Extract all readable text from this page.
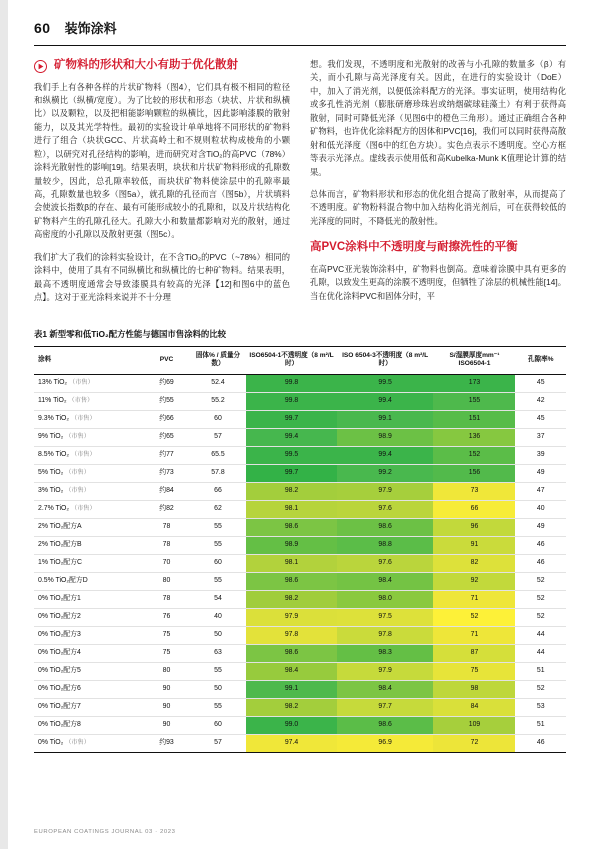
60 装饰涂料
矿物料的形状和大小有助于优化散射

我们手上有各种各样的片状矿物料（图4），它们具有极不相同的粒径和纵横比（纵横/宽度）。为了比较的形状和形态（块状、片状和纵横比）以及颗粒，以及把相能影响颗粒的纵横比，因此影响漆膜的散射能力，以及其光学特性。最初的实验设计单单地将不同形状的矿物料进行了组合（块状GCC、片状高岭土和不规则粒状构成棱角的小颗粒），以研究对孔径结构的影响，进而研究对含TiO₂的高PVC（78%）涂料光散射性的影响[19]。结果表明，块状和片状矿物料形成的孔隙数量较少，因此，总孔隙率较低，而块状矿物料使涂层中的孔隙率最高，孔隙数量也较多（图5a），就孔隙的孔径而言（图5b），片状填料会使波长指数β的存在、最有可能形成较小的孔隙和，以及片状结构化矿物料产生的孔隙孔径大。孔隙大小和数量都影响对光的散射，通过高密度的小孔隙以及散射更强（图5c）。

我们扩大了我们的涂料实验设计，在不含TiO₂的PVC（~78%）相同的涂料中，使用了具有不同纵横比和纵横比的七种矿物料。结果表明，最高不透明度通常会导致漆膜具有较高的光泽【12]和图6中的蓝色点】。这对于亚光涂料来说并不十分理

想。我们发现，不透明度和光散射的改善与小孔隙的数量多（β）有关，而小孔隙与高光泽度有关。因此，在进行的实验设计（DoE）中，加入了消光剂，以便低涂料配方的光泽。事实证明，使用结构化或多孔性消光剂（膨胀研磨珍珠岩或纳烟碳球硅藻土）有利于获得高散射，同时可降低光泽（见图6中的橙色三角形）。通过正确组合各种矿物料，也许优化涂料配方的因体和PVC[16]，我们可以同时获得高散射和低光泽度（图6中的红色方块）。实色点表示不透明度。空心方框等表示光泽点。虚线表示使用低和高Kubelka-Munk K值理论计算的结果。

总体而言，矿物料形状和形态的优化组合提高了散射率，从而提高了不透明度。矿物粉料混合物中加入结构化消光剂后，可在获得较低的光泽度的同时，不降低光的散射性。

高PVC涂料中不透明度与耐擦洗性的平衡

在高PVC亚光装饰涂料中，矿物料也倒高。意味着涂膜中具有更多的孔隙，以致发生更高的涂膜不透明度，但牺牲了涂层的机械性能[14]。当在优化涂料PVC和固体分时，平

表1 新型零和低TiO₂配方性能与德国市售涂料的比较
涂料	PVC	固体% / 质量分数）	ISO6504-1不透明度（8 m²/L时）	ISO 6504-3不透明度（8 m²/L时）	S/湿膜厚度mm⁻¹ ISO6504-1	孔隙率%
13% TiO₂ （市售）	约69	52.4	99.8	99.5	173	45
11% TiO₂ （市售）	约55	55.2	99.8	99.4	155	42
9.3% TiO₂ （市售）	约66	60	99.7	99.1	151	45
9% TiO₂ （市售）	约65	57	99.4	98.9	136	37
8.5% TiO₂ （市售）	约77	65.5	99.5	99.4	152	39
5% TiO₂ （市售）	约73	57.8	99.7	99.2	156	49
3% TiO₂ （市售）	约84	66	98.2	97.9	73	47
2.7% TiO₂ （市售）	约82	62	98.1	97.6	66	40
2% TiO₂配方A	78	55	98.6	98.6	96	49
2% TiO₂配方B	78	55	98.9	98.8	91	46
1% TiO₂配方C	70	60	98.1	97.6	82	46
0.5% TiO₂配方D	80	55	98.6	98.4	92	52
0% TiO₂配方1	78	54	98.2	98.0	71	52
0% TiO₂配方2	76	40	97.9	97.5	52	52
0% TiO₂配方3	75	50	97.8	97.8	71	44
0% TiO₂配方4	75	63	98.6	98.3	87	44
0% TiO₂配方5	80	55	98.4	97.9	75	51
0% TiO₂配方6	90	50	99.1	98.4	98	52
0% TiO₂配方7	90	55	98.2	97.7	84	53
0% TiO₂配方8	90	60	99.0	98.6	109	51
0% TiO₂ （市售）	约93	57	97.4	96.9	72	46
EUROPEAN COATINGS JOURNAL 03 · 2023
